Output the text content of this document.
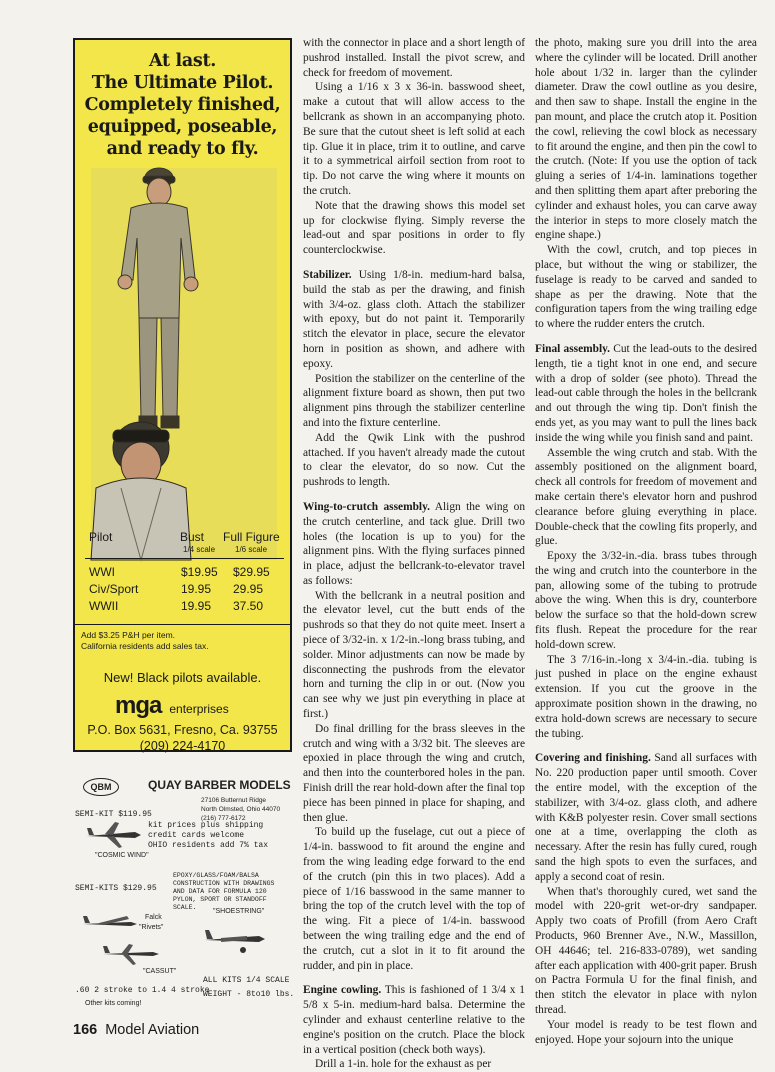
At last.
The Ultimate Pilot.
Completely finished,
equipped, poseable,
and ready to fly.
Pilot	Bust Full Figure
1/4 scale 1/6 scale
WWI	$19.95 $29.95
Civ/Sport	19.95 29.95
WWII	19.95 37.50
Add $3.25 P&H per item.
California residents add sales tax.
New! Black pilots available.
mga enterprises
P.O. Box 5631, Fresno, Ca. 93755
(209) 224-4170
QBM	QUAY BARBER MODELS
27106 Butternut Ridge
North Olmsted, Ohio 44070
(216) 777-6172
SEMI-KIT $119.95
"COSMIC WIND"
kit prices plus shipping
credit cards welcome
OHIO residents add 7% tax
EPOXY/GLASS/FOAM/BALSA
CONSTRUCTION WITH DRAWINGS
AND DATA FOR FORMULA 120
PYLON, SPORT OR STANDOFF
SCALE.
SEMI-KITS $129.95
Falck
"Rivets"
"SHOESTRING"
"CASSUT"
ALL KITS 1/4 SCALE
.60 2 stroke to 1.4 4 stroke
WEIGHT - 8to10 lbs.
Other kits coming!

with the connector in place and a short length of pushrod installed. Install the pivot screw, and check for freedom of movement.

Using a 1/16 x 3 x 36-in. basswood sheet, make a cutout that will allow access to the bellcrank as shown in an accompanying photo. Be sure that the cutout sheet is left solid at each tip. Glue it in place, trim it to outline, and carve it to a symmetrical airfoil section from root to tip. Do not carve the wing where it mounts on the crutch.

Note that the drawing shows this model set up for clockwise flying. Simply reverse the lead-out and spar positions in order to fly counterclockwise.

Stabilizer. Using 1/8-in. medium-hard balsa, build the stab as per the drawing, and finish with 3/4-oz. glass cloth. Attach the stabilizer with epoxy, but do not paint it. Temporarily stitch the elevator in place, secure the elevator horn in position as shown, and adhere with epoxy.

Position the stabilizer on the centerline of the alignment fixture board as shown, then put two alignment pins through the stabilizer centerline and into the fixture centerline.

Add the Qwik Link with the pushrod attached. If you haven't already made the cutout to clear the elevator, do so now. Cut the pushrods to length.

Wing-to-crutch assembly. Align the wing on the crutch centerline, and tack glue. Drill two holes (the location is up to you) for the alignment pins. With the flying surfaces pinned in place, adjust the bellcrank-to-elevator travel as follows:

With the bellcrank in a neutral position and the elevator level, cut the butt ends of the pushrods so that they do not quite meet. Insert a piece of 3/32-in. x 1/2-in.-long brass tubing, and solder. Minor adjustments can now be made by disconnecting the pushrods from the elevator horn and turning the clip in or out. (Now you can see why we just pin everything in place at first.)

Do final drilling for the brass sleeves in the crutch and wing with a 3/32 bit. The sleeves are epoxied in place through the wing and crutch, and then into the counterbored holes in the pan. Finish drill the rear hold-down after the final top piece has been pinned in place for shaping, and then glue.

To build up the fuselage, cut out a piece of 1/4-in. basswood to fit around the engine and from the wing leading edge forward to the end of the crutch (pin this in two places). Add a piece of 1/16 basswood in the same manner to bring the top of the crutch level with the top of the wing. Fit a piece of 1/4-in. basswood between the wing trailing edge and the end of the crutch, cut a slot in it to fit around the rudder, and pin in place.

Engine cowling. This is fashioned of 1 3/4 x 1 5/8 x 5-in. medium-hard balsa. Determine the cylinder and exhaust centerline relative to the engine's position on the crutch. Place the block in a vertical position (check both ways).

Drill a 1-in. hole for the exhaust as per

the photo, making sure you drill into the area where the cylinder will be located. Drill another hole about 1/32 in. larger than the cylinder diameter. Draw the cowl outline as you desire, and then saw to shape. Install the engine in the pan mount, and place the crutch atop it. Position the cowl, relieving the cowl block as necessary to fit around the engine, and then pin the cowl to the crutch. (Note: If you use the option of tack gluing a series of 1/4-in. laminations together and then splitting them apart after preboring the cylinder and exhaust holes, you can carve away the interior in steps to more closely match the engine shape.)

With the cowl, crutch, and top pieces in place, but without the wing or stabilizer, the fuselage is ready to be carved and sanded to shape as per the drawing. Note that the configuration tapers from the wing trailing edge to where the rudder enters the crutch.

Final assembly. Cut the lead-outs to the desired length, tie a tight knot in one end, and secure with a drop of solder (see photo). Thread the lead-out cable through the holes in the bellcrank and out through the wing tip. Don't finish the ends yet, as you may want to pull the lines back inside the wing while you finish sand and paint.

Assemble the wing crutch and stab. With the assembly positioned on the alignment board, check all controls for freedom of movement and make certain there's elevator horn and pushrod clearance before gluing everything in place. Double-check that the cowling fits properly, and glue.

Epoxy the 3/32-in.-dia. brass tubes through the wing and crutch into the counterbore in the pan, allowing some of the tubing to protrude above the wing. When this is dry, counterbore below the surface so that the hold-down screw fits flush. Repeat the procedure for the rear hold-down screw.

The 3 7/16-in.-long x 3/4-in.-dia. tubing is just pushed in place on the engine exhaust extension. If you cut the groove in the approximate position shown in the drawing, no extra hold-down screws are necessary to secure the tubing.

Covering and finishing. Sand all surfaces with No. 220 production paper until smooth. Cover the entire model, with the exception of the stabilizer, with 3/4-oz. glass cloth, and adhere with K&B polyester resin. Cover small sections one at a time, overlapping the cloth as necessary. After the resin has fully cured, rough sand the high spots to even the surfaces, and apply a second coat of resin.

When that's thoroughly cured, wet sand the model with 220-grit wet-or-dry sandpaper. Apply two coats of Profill (from Aero Craft Products, 960 Brenner Ave., N.W., Massillon, OH 44646; tel. 216-833-0789), wet sanding after each application with 400-grit paper. Brush on Pactra Formula U for the final finish, and then stitch the elevator in place with nylon thread.

Your model is ready to be test flown and enjoyed. Hope your sojourn into the unique

166 Model Aviation
